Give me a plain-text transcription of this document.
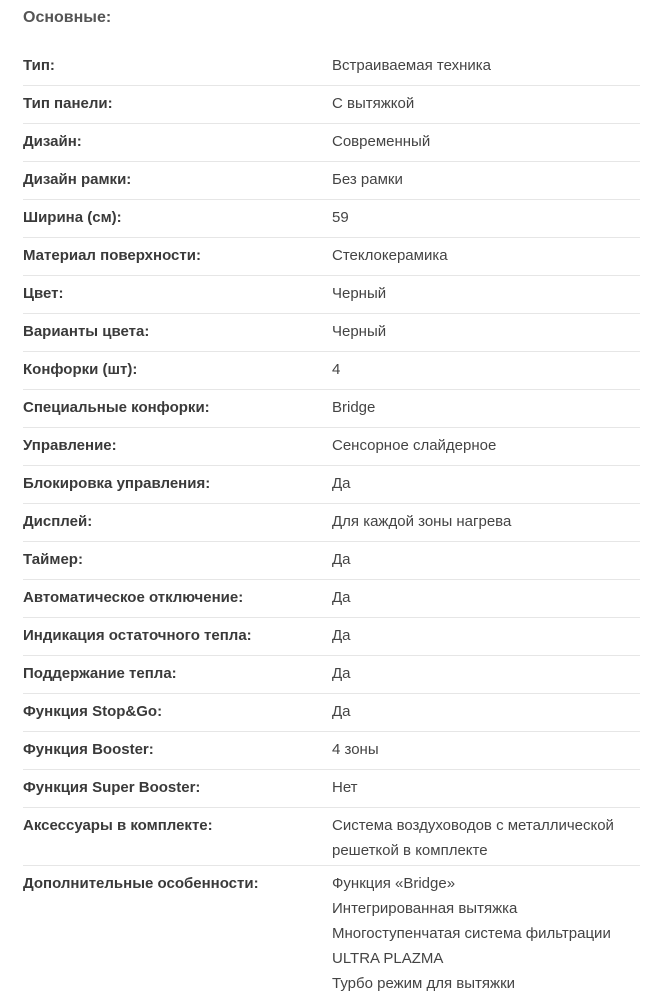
Основные:
Тип:	Встраиваемая техника
Тип панели:	С вытяжкой
Дизайн:	Современный
Дизайн рамки:	Без рамки
Ширина (см):	59
Материал поверхности:	Стеклокерамика
Цвет:	Черный
Варианты цвета:	Черный
Конфорки (шт):	4
Специальные конфорки:	Bridge
Управление:	Сенсорное слайдерное
Блокировка управления:	Да
Дисплей:	Для каждой зоны нагрева
Таймер:	Да
Автоматическое отключение:	Да
Индикация остаточного тепла:	Да
Поддержание тепла:	Да
Функция Stop&Go:	Да
Функция Booster:	4 зоны
Функция Super Booster:	Нет
Аксессуары в комплекте:	Система воздуховодов с металлической
решеткой в комплекте
Дополнительные особенности:	Функция «Bridge»
Интегрированная вытяжка
Многоступенчатая система фильтрации
ULTRA PLAZMA
Турбо режим для вытяжки
